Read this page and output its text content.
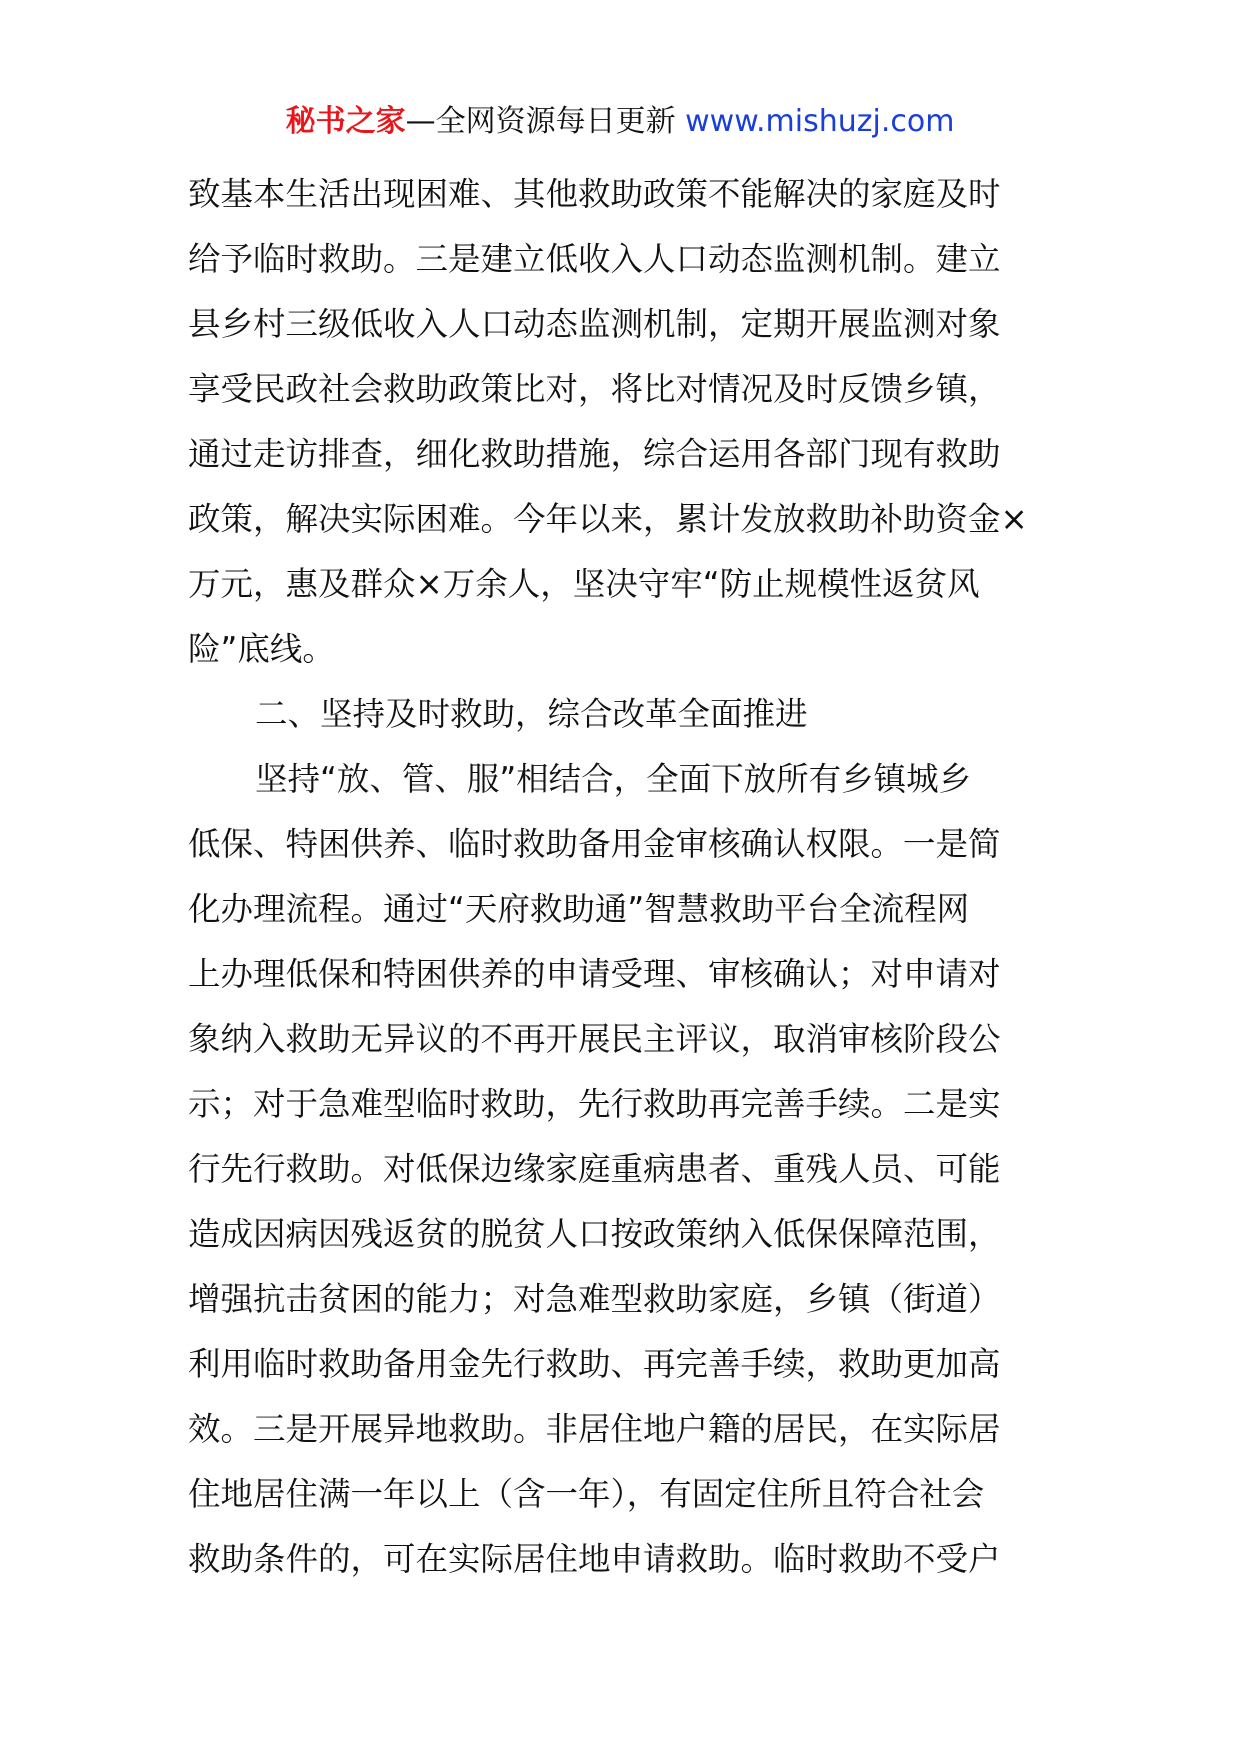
秘书之家—全网资源每日更新 www.mishuzj.com
致基本生活出现困难、其他救助政策不能解决的家庭及时
给予临时救助。三是建立低收入人口动态监测机制。建立
县乡村三级低收入人口动态监测机制，定期开展监测对象
享受民政社会救助政策比对，将比对情况及时反馈乡镇，
通过走访排查，细化救助措施，综合运用各部门现有救助
政策，解决实际困难。今年以来，累计发放救助补助资金×
万元，惠及群众×万余人，坚决守牢“防止规模性返贫风
险”底线。
二、坚持及时救助，综合改革全面推进
坚持“放、管、服”相结合，全面下放所有乡镇城乡
低保、特困供养、临时救助备用金审核确认权限。一是简
化办理流程。通过“天府救助通”智慧救助平台全流程网
上办理低保和特困供养的申请受理、审核确认；对申请对
象纳入救助无异议的不再开展民主评议，取消审核阶段公
示；对于急难型临时救助，先行救助再完善手续。二是实
行先行救助。对低保边缘家庭重病患者、重残人员、可能
造成因病因残返贫的脱贫人口按政策纳入低保保障范围，
增强抗击贫困的能力；对急难型救助家庭，乡镇（街道）
利用临时救助备用金先行救助、再完善手续，救助更加高
效。三是开展异地救助。非居住地户籍的居民，在实际居
住地居住满一年以上（含一年），有固定住所且符合社会
救助条件的，可在实际居住地申请救助。临时救助不受户
